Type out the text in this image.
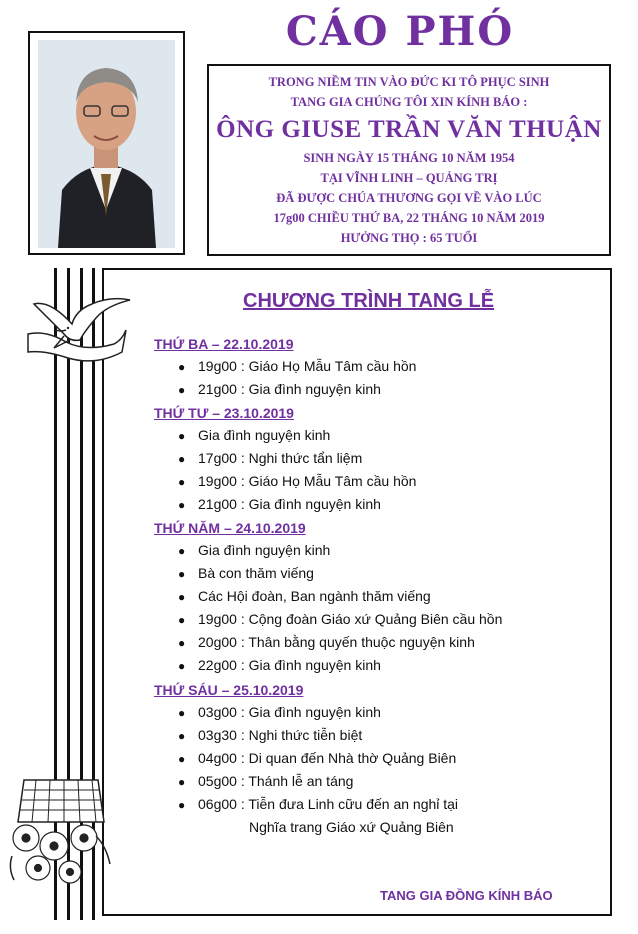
CÁO PHÓ
TRONG NIỀM TIN VÀO ĐỨC KI TÔ PHỤC SINH
TANG GIA CHÚNG TÔI XIN KÍNH BÁO :
ÔNG GIUSE TRẦN VĂN THUẬN
SINH NGÀY 15 THÁNG 10 NĂM 1954
TẠI VĨNH LINH – QUẢNG TRỊ
ĐÃ ĐƯỢC CHÚA THƯƠNG GỌI VỀ VÀO LÚC
17g00 CHIỀU THỨ BA, 22 THÁNG 10 NĂM 2019
HƯỞNG THỌ : 65 TUỔI
CHƯƠNG TRÌNH TANG LỄ
THỨ BA – 22.10.2019
● 19g00 : Giáo Họ Mẫu Tâm cầu hồn
● 21g00 : Gia đình nguyện kinh
THỨ TƯ – 23.10.2019
● Gia đình nguyện kinh
● 17g00 : Nghi thức tẩn liệm
● 19g00 : Giáo Họ Mẫu Tâm cầu hồn
● 21g00 : Gia đình nguyện kinh
THỨ NĂM – 24.10.2019
● Gia đình nguyện kinh
● Bà con thăm viếng
● Các Hội đoàn, Ban ngành thăm viếng
● 19g00 : Cộng đoàn Giáo xứ Quảng Biên cầu hồn
● 20g00 : Thân bằng quyến thuộc nguyện kinh
● 22g00 : Gia đình nguyện kinh
THỨ SÁU – 25.10.2019
● 03g00 : Gia đình nguyện kinh
● 03g30 : Nghi thức tiễn biệt
● 04g00 : Di quan đến Nhà thờ Quảng Biên
● 05g00 : Thánh lễ an táng
● 06g00 : Tiễn đưa Linh cữu đến an nghỉ tại
Nghĩa trang Giáo xứ Quảng Biên
TANG GIA ĐỒNG KÍNH BÁO
